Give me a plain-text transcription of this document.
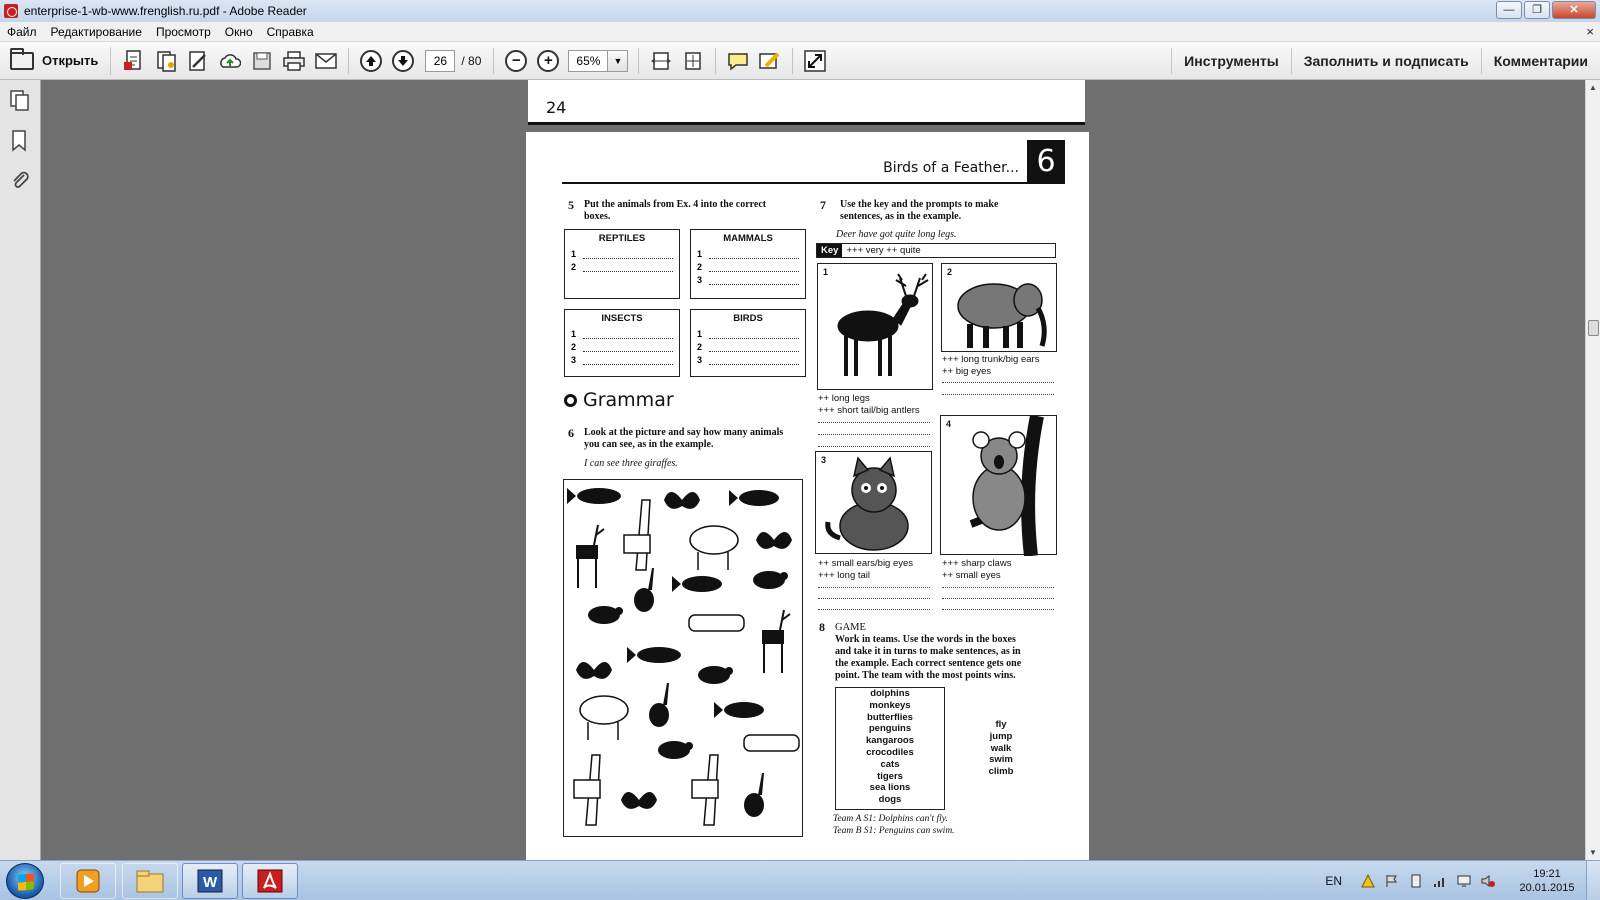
enterprise-1-wb-www.frenglish.ru.pdf - Adobe Reader	—	❐	✕
Файл	Редактирование	Просмотр	Окно	Справка	×
Открыть	26	/ 80	−	+	65%	▼	Инструменты	Заполнить и подписать	Комментарии
24
Birds of a Feather... 6
5 Put the animals from Ex. 4 into the correct
boxes.
REPTILES
1
2
MAMMALS
1
2
3
INSECTS
1
2
3
BIRDS
1
2
3
Grammar
6 Look at the picture and say how many animals
you can see, as in the example.
I can see three giraffes.
7 Use the key and the prompts to make
sentences, as in the example.
Deer have got quite long legs.
Key +++ very ++ quite
1
++ long legs
+++ short tail/big antlers
2
+++ long trunk/big ears
++ big eyes
4
+++ sharp claws
++ small eyes
3
++ small ears/big eyes
+++ long tail
8 GAME
Work in teams. Use the words in the boxes
and take it in turns to make sentences, as in
the example. Each correct sentence gets one
point. The team with the most points wins.
dolphins
monkeys
butterflies
penguins
kangaroos
crocodiles
cats
tigers
sea lions
dogs
fly
jump
walk
swim
climb
Team A S1: Dolphins can't fly.
Team B S1: Penguins can swim.
▲
▼
W	EN	19:21
20.01.2015
